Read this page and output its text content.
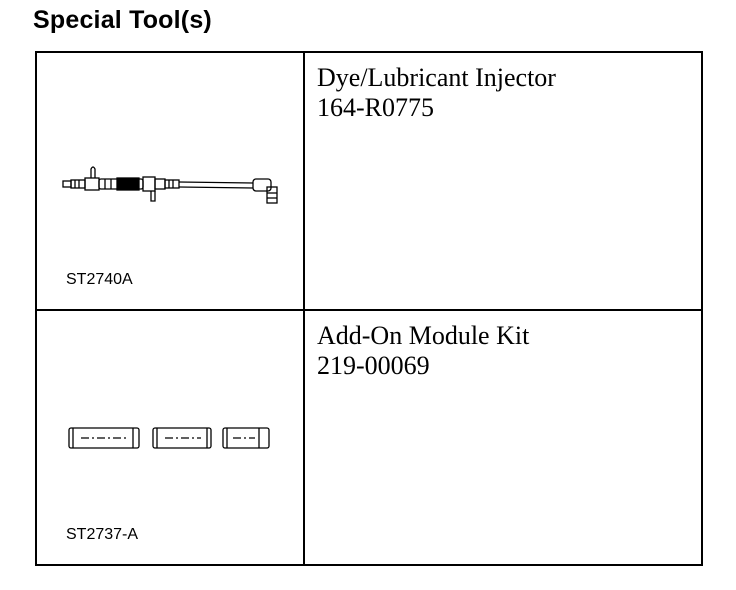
Special Tool(s)
ST2740A
Dye/Lubricant Injector
164-R0775
ST2737-A
Add-On Module Kit
219-00069
